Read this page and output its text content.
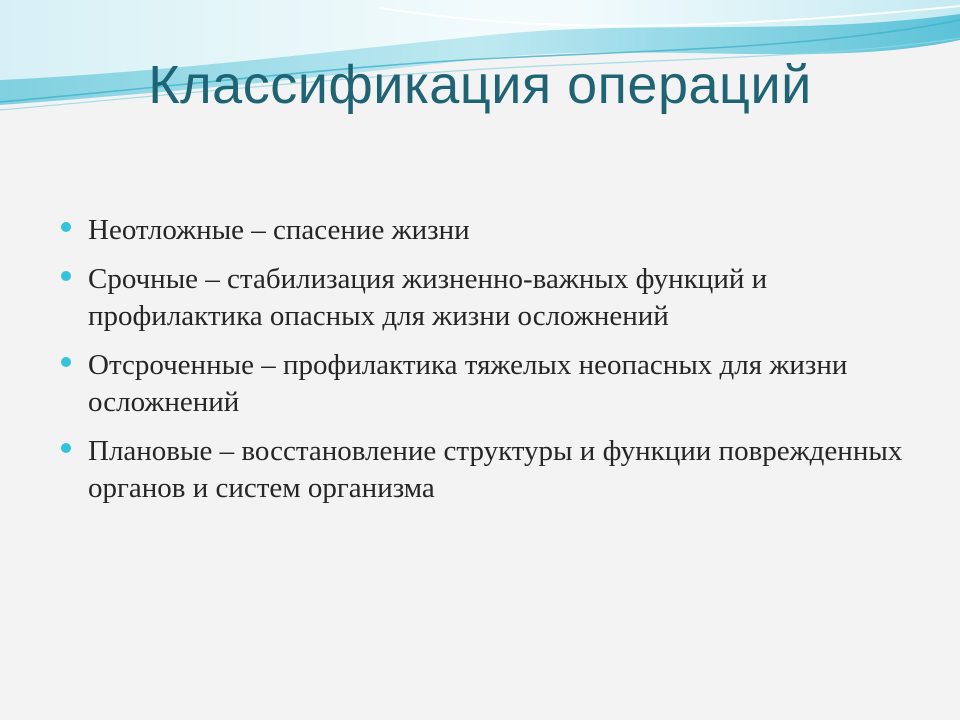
Классификация операций
Неотложные – спасение жизни
Срочные – стабилизация жизненно-важных функций и профилактика опасных для жизни осложнений
Отсроченные – профилактика тяжелых неопасных для жизни осложнений
Плановые – восстановление структуры и функции поврежденных органов и систем организма
